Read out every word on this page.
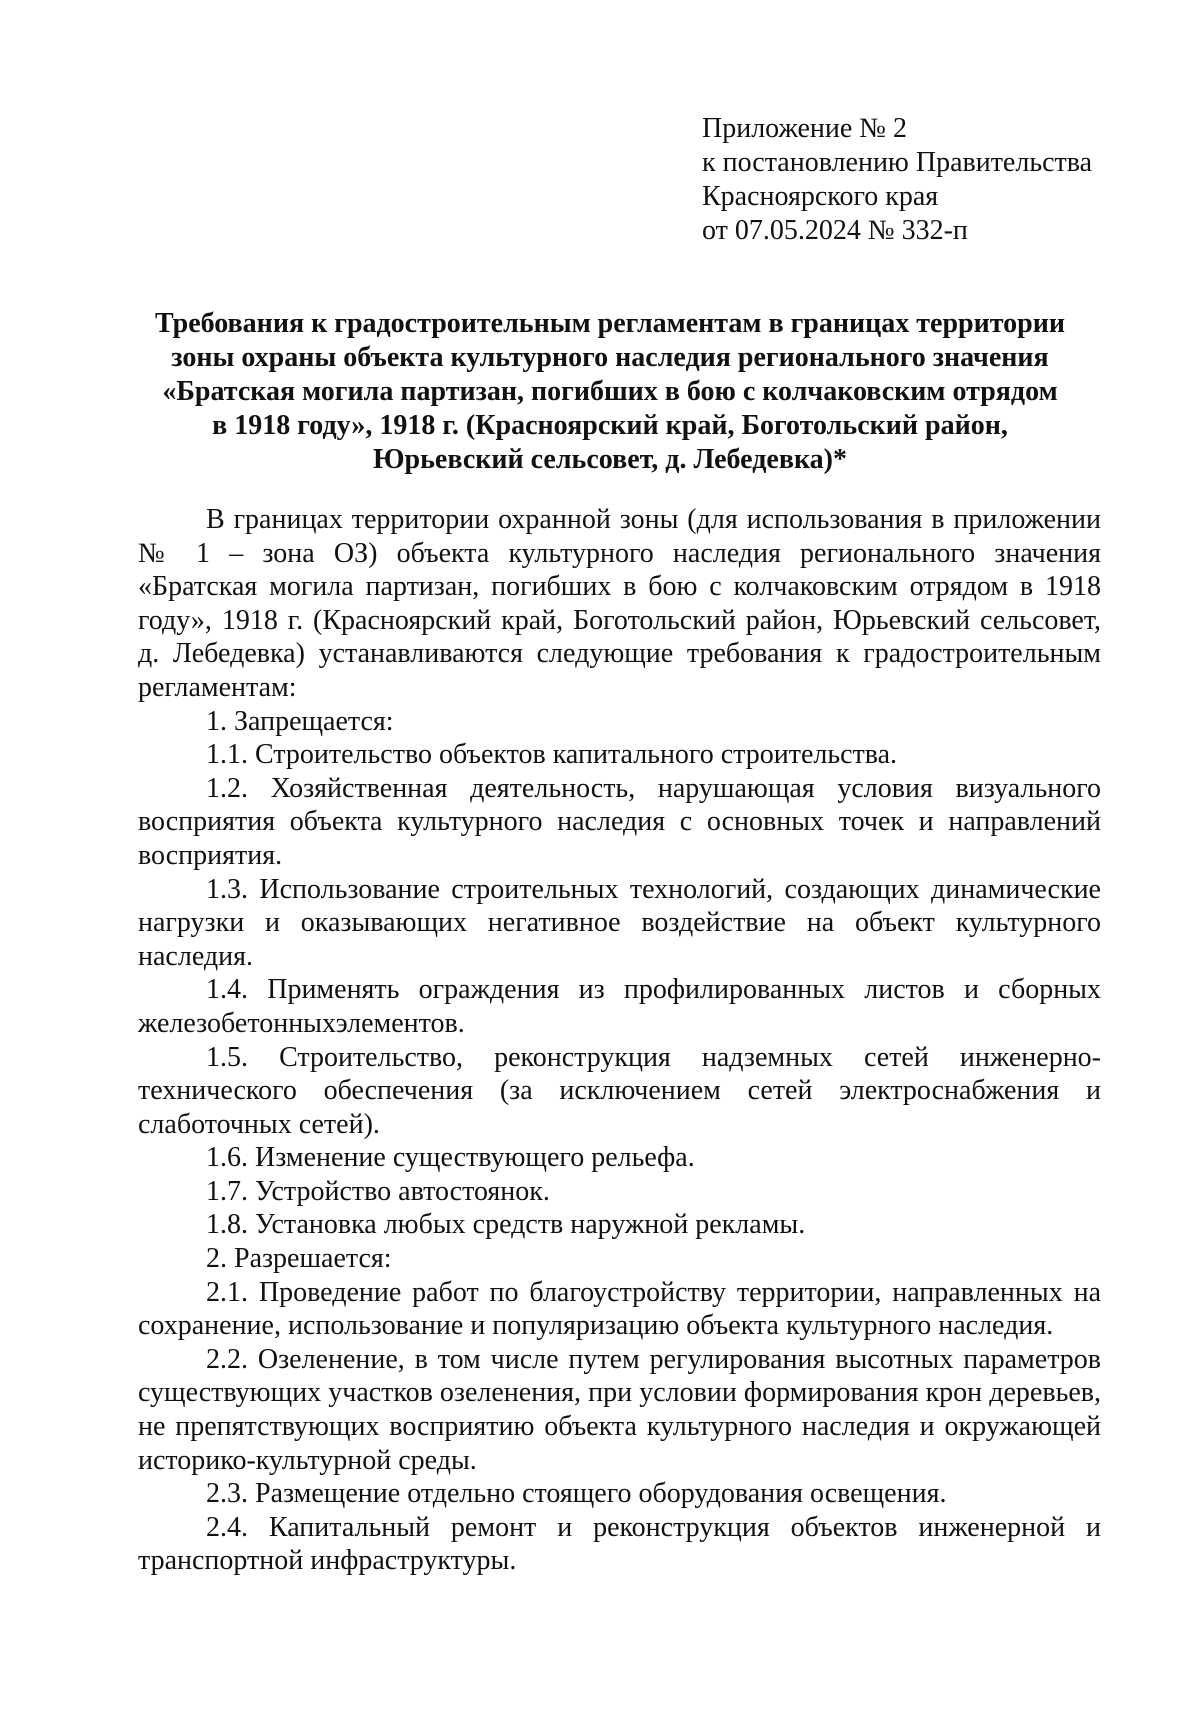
Приложение № 2
к постановлению Правительства
Красноярского края
от 07.05.2024 № 332-п
Требования к градостроительным регламентам в границах территории
зоны охраны объекта культурного наследия регионального значения
«Братская могила партизан, погибших в бою с колчаковским отрядом
в 1918 году», 1918 г. (Красноярский край, Боготольский район,
Юрьевский сельсовет, д. Лебедевка)*

В границах территории охранной зоны (для использования в приложении № 1 – зона ОЗ) объекта культурного наследия регионального значения «Братская могила партизан, погибших в бою с колчаковским отрядом в 1918 году», 1918 г. (Красноярский край, Боготольский район, Юрьевский сельсовет, д. Лебедевка) устанавливаются следующие требования к градостроительным регламентам:

1. Запрещается:

1.1. Строительство объектов капитального строительства.

1.2. Хозяйственная деятельность, нарушающая условия визуального восприятия объекта культурного наследия с основных точек и направлений восприятия.

1.3. Использование строительных технологий, создающих динамические нагрузки и оказывающих негативное воздействие на объект культурного наследия.

1.4. Применять ограждения из профилированных листов и сборных железобетонныхэлементов.

1.5. Строительство, реконструкция надземных сетей инженерно-технического обеспечения (за исключением сетей электроснабжения и слаботочных сетей).

1.6. Изменение существующего рельефа.

1.7. Устройство автостоянок.

1.8. Установка любых средств наружной рекламы.

2. Разрешается:

2.1. Проведение работ по благоустройству территории, направленных на сохранение, использование и популяризацию объекта культурного наследия.

2.2. Озеленение, в том числе путем регулирования высотных параметров существующих участков озеленения, при условии формирования крон деревьев, не препятствующих восприятию объекта культурного наследия и окружающей историко-культурной среды.

2.3. Размещение отдельно стоящего оборудования освещения.

2.4. Капитальный ремонт и реконструкция объектов инженерной и транспортной инфраструктуры.
